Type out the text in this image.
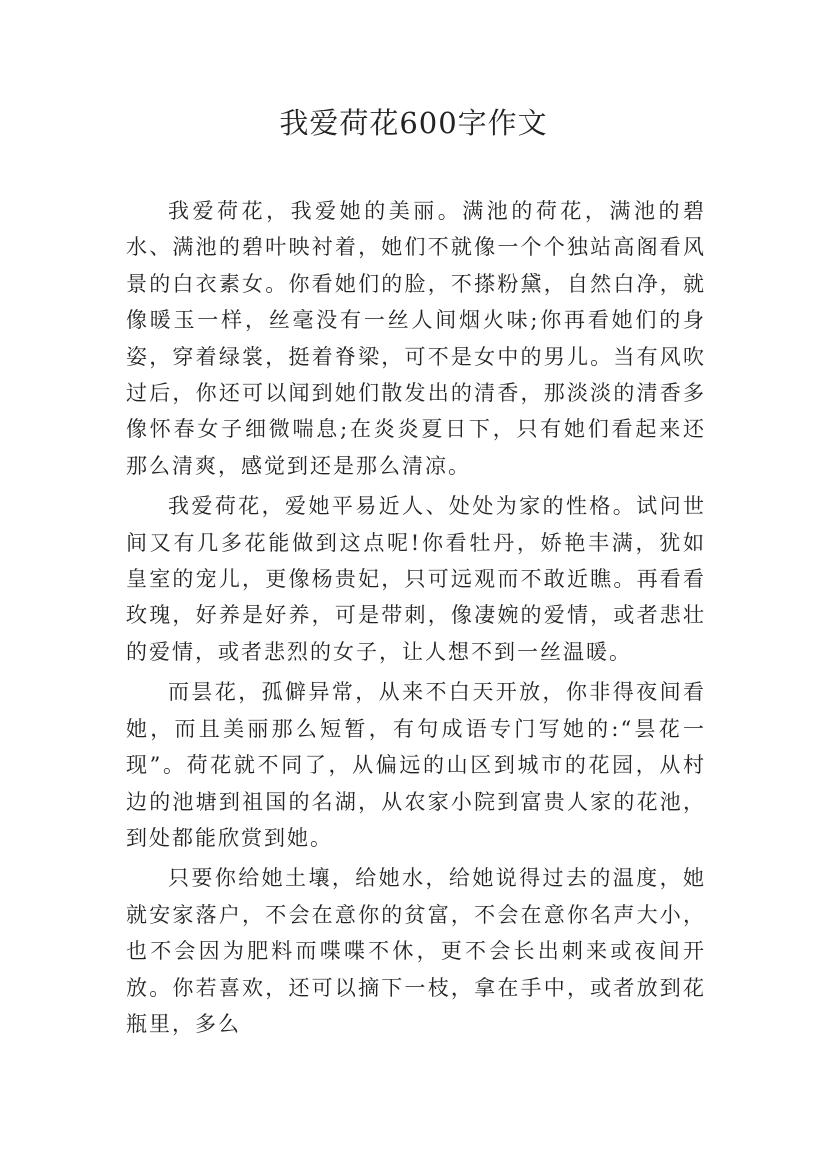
我爱荷花600字作文

我爱荷花，我爱她的美丽。满池的荷花，满池的碧水、满池的碧叶映衬着，她们不就像一个个独站高阁看风景的白衣素女。你看她们的脸，不搽粉黛，自然白净，就像暖玉一样，丝毫没有一丝人间烟火味;你再看她们的身姿，穿着绿裳，挺着脊梁，可不是女中的男儿。当有风吹过后，你还可以闻到她们散发出的清香，那淡淡的清香多像怀春女子细微喘息;在炎炎夏日下，只有她们看起来还那么清爽，感觉到还是那么清凉。

我爱荷花，爱她平易近人、处处为家的性格。试问世间又有几多花能做到这点呢!你看牡丹，娇艳丰满，犹如皇室的宠儿，更像杨贵妃，只可远观而不敢近瞧。再看看玫瑰，好养是好养，可是带刺，像凄婉的爱情，或者悲壮的爱情，或者悲烈的女子，让人想不到一丝温暖。

而昙花，孤僻异常，从来不白天开放，你非得夜间看她，而且美丽那么短暂，有句成语专门写她的:“昙花一现”。荷花就不同了，从偏远的山区到城市的花园，从村边的池塘到祖国的名湖，从农家小院到富贵人家的花池，到处都能欣赏到她。

只要你给她土壤，给她水，给她说得过去的温度，她就安家落户，不会在意你的贫富，不会在意你名声大小，也不会因为肥料而喋喋不休，更不会长出刺来或夜间开放。你若喜欢，还可以摘下一枝，拿在手中，或者放到花瓶里，多么
